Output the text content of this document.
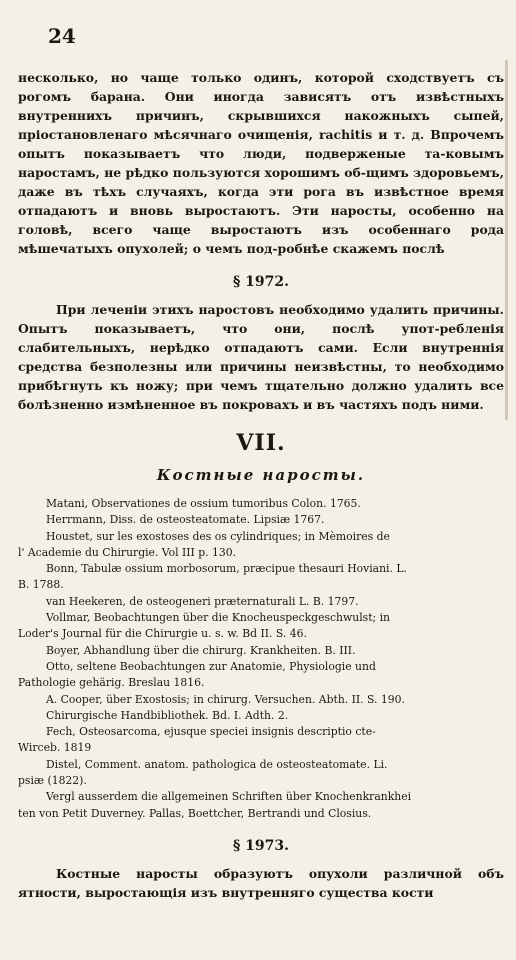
24

несколько, но чаще только одинъ, которой сходствуетъ съ рогомъ барана. Они иногда зависятъ отъ извѣстныхъ внутреннихъ причинъ, скрывшихся накожныхъ сыпей, пріостановленаго мѣсячнаго очищенія, rachitis и т. д. Впрочемъ опытъ показываетъ что люди, подверженые та-ковымъ наростамъ, не рѣдко пользуются хорошимъ об-щимъ здоровьемъ, даже въ тѣхъ случаяхъ, когда эти рога въ извѣстное время отпадаютъ и вновь выростаютъ. Эти наросты, особенно на головѣ, всего чаще выростаютъ изъ особеннаго рода мѣшечатыхъ опухолей; о чемъ под-робнѣе скажемъ послѣ

§ 1972.

При леченіи этихъ наростовъ необходимо удалить причины. Опытъ показываетъ, что они, послѣ упот-ребленія слабительныхъ, нерѣдко отпадаютъ сами. Если внутреннія средства безполезны или причины неизвѣстны, то необходимо прибѣгнуть къ ножу; при чемъ тщательно должно удалить все болѣзненно измѣненное въ покровахъ и въ частяхъ подъ ними.

VII.
Костные наросты.

Matani, Observationes de ossium tumoribus Colon. 1765.

Herrmann, Diss. de osteosteatomate. Lipsiæ 1767.

Houstet, sur les exostoses des os cylindriques; in Mèmoires de
l' Academie du Chirurgie. Vol III p. 130.

Bonn, Tabulæ ossium morbosorum, præcipue thesauri Hoviani. L.
B. 1788.

van Heekeren, de osteogeneri præternaturali L. B. 1797.

Vollmar, Beobachtungen über die Knocheuspeckgeschwulst; in
Loder's Journal für die Chirurgie u. s. w. Bd II. S. 46.

Boyer, Abhandlung über die chirurg. Krankheiten. B. III.

Otto, seltene Beobachtungen zur Anatomie, Physiologie und
Pathologie gehärig. Breslau 1816.

A. Cooper, über Exostosis; in chirurg. Versuchen. Abth. II. S. 190.

Chirurgische Handbibliothek. Bd. I. Adth. 2.

Fech, Osteosarcoma, ejusque speciei insignis descriptio cte-
Wircеb. 1819

Distel, Comment. anatom. pathologica de osteosteatomate. Li.
psiæ (1822).

Vergl ausserdem die allgemeinen Schriften über Knochenkrankhei
ten von Petit Duverney. Pallas, Boettcher, Bertrandi und Closius.

§ 1973.

Костные наросты образуютъ опухоли различной объ ятности, выростающія изъ внутренняго существа кости
